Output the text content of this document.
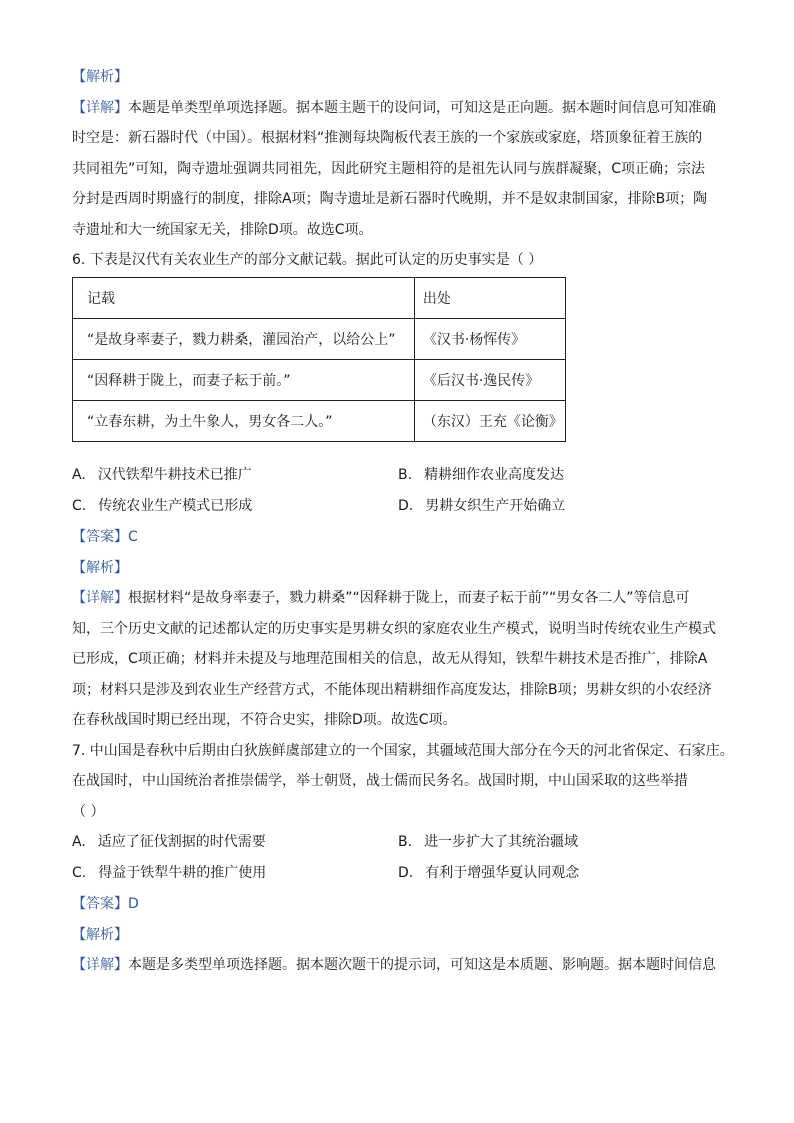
【解析】
【详解】本题是单类型单项选择题。据本题主题干的设问词，可知这是正向题。据本题时间信息可知准确
时空是：新石器时代（中国）。根据材料“推测每块陶板代表王族的一个家族或家庭，塔顶象征着王族的
共同祖先”可知，陶寺遗址强调共同祖先，因此研究主题相符的是祖先认同与族群凝聚，C项正确；宗法
分封是西周时期盛行的制度，排除A项；陶寺遗址是新石器时代晚期，并不是奴隶制国家，排除B项；陶
寺遗址和大一统国家无关，排除D项。故选C项。
6. 下表是汉代有关农业生产的部分文献记载。据此可认定的历史事实是（ ）
记载	出处
“是故身率妻子，戮力耕桑，灌园治产，以给公上”	《汉书·杨恽传》
“因释耕于陇上，而妻子耘于前。”	《后汉书·逸民传》
“立春东耕，为土牛象人，男女各二人。”	（东汉）王充《论衡》
A. 汉代铁犁牛耕技术已推广	B. 精耕细作农业高度发达
C. 传统农业生产模式已形成	D. 男耕女织生产开始确立
【答案】C
【解析】
【详解】根据材料“是故身率妻子，戮力耕桑”“因释耕于陇上，而妻子耘于前”“男女各二人”等信息可
知，三个历史文献的记述都认定的历史事实是男耕女织的家庭农业生产模式，说明当时传统农业生产模式
已形成，C项正确；材料并未提及与地理范围相关的信息，故无从得知，铁犁牛耕技术是否推广，排除A
项；材料只是涉及到农业生产经营方式，不能体现出精耕细作高度发达，排除B项；男耕女织的小农经济
在春秋战国时期已经出现，不符合史实，排除D项。故选C项。
7. 中山国是春秋中后期由白狄族鲜虞部建立的一个国家，其疆域范围大部分在今天的河北省保定、石家庄。
在战国时，中山国统治者推崇儒学，举士朝贤，战士儒而民务名。战国时期，中山国采取的这些举措
（ ）
A. 适应了征伐割据的时代需要	B. 进一步扩大了其统治疆域
C. 得益于铁犁牛耕的推广使用	D. 有利于增强华夏认同观念
【答案】D
【解析】
【详解】本题是多类型单项选择题。据本题次题干的提示词，可知这是本质题、影响题。据本题时间信息
